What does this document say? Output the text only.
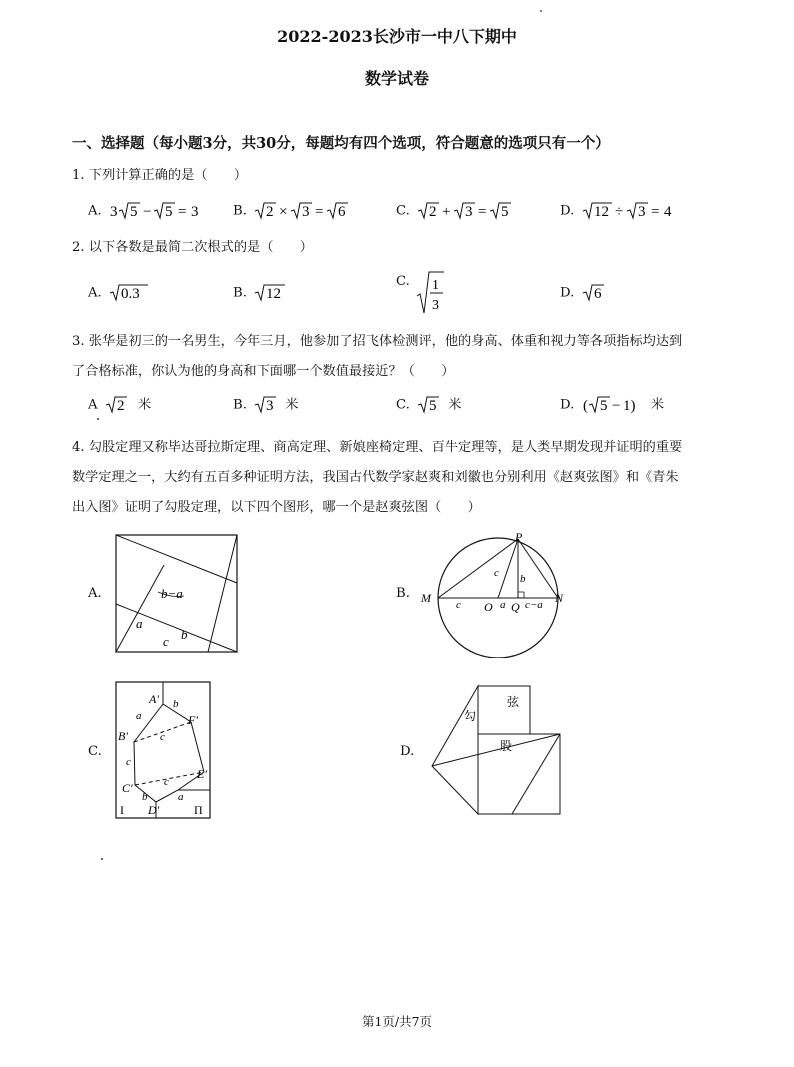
2022-2023长沙市一中八下期中
数学试卷
一、选择题（每小题3分，共30分，每题均有四个选项，符合题意的选项只有一个）
1. 下列计算正确的是（　　）
A. 3 5 − 5 = 3	B. 2 × 3 = 6	C. 2 + 3 = 5	D. 12 ÷ 3 = 4
2. 以下各数是最简二次根式的是（　　）
A. 0.3	B. 12
C. 1
3
D. 6
3. 张华是初三的一名男生，今年三月，他参加了招飞体检测评，他的身高、体重和视力等各项指标均达到
了合格标准，你认为他的身高和下面哪一个数值最接近？（　　）
A 2 米	B. 3 米	C. 5 米	D. ( 5 − 1) 米
4. 勾股定理又称毕达哥拉斯定理、商高定理、新娘座椅定理、百牛定理等，是人类早期发现并证明的重要
数学定理之一，大约有五百多种证明方法，我国古代数学家赵爽和刘徽也分别利用《赵爽弦图》和《青朱
出入图》证明了勾股定理，以下四个图形，哪一个是赵爽弦图（　　）
A.	B.
C.	D.
b−a
a
b
c
P
M	N
O Q
c
c
a
b
c−a
A′
B′
C′
D′
E′
F′
b
a
c
c
c
b	a
I	Π
弦
勾
股
第1页/共7页
